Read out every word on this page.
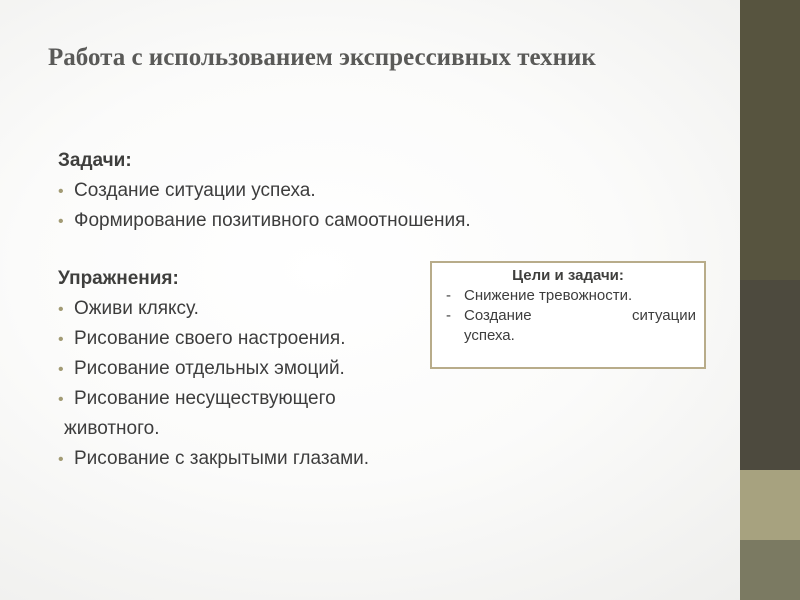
Работа с использованием экспрессивных техник
Задачи:
• Создание ситуации успеха.
• Формирование позитивного самоотношения.
Упражнения:
• Оживи кляксу.
• Рисование своего настроения.
• Рисование отдельных эмоций.
• Рисование несуществующего
животного.
• Рисование с закрытыми глазами.
Цели и задачи:
- Снижение тревожности.
- Создание	ситуации
успеха.
